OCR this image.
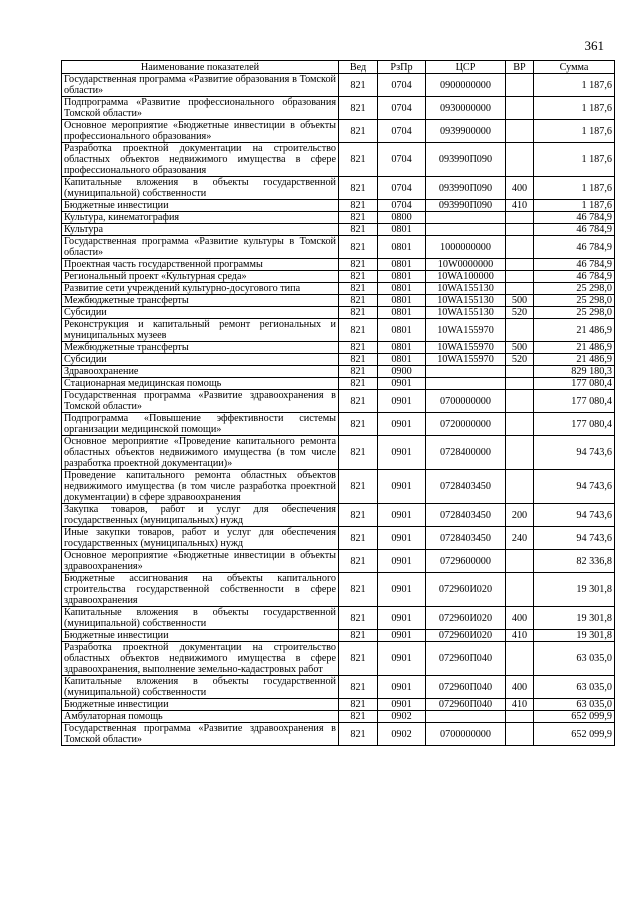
361
Наименование показателей	Вед	РзПр	ЦСР	ВР	Сумма
Государственная программа «Развитие образования в Томской области»	821	0704	0900000000		1 187,6
Подпрограмма «Развитие профессионального образования Томской области»	821	0704	0930000000		1 187,6
Основное мероприятие «Бюджетные инвестиции в объекты профессионального образования»	821	0704	0939900000		1 187,6
Разработка проектной документации на строительство областных объектов недвижимого имущества в сфере профессионального образования	821	0704	093990П090		1 187,6
Капитальные вложения в объекты государственной (муниципальной) собственности	821	0704	093990П090	400	1 187,6
Бюджетные инвестиции	821	0704	093990П090	410	1 187,6
Культура, кинематография	821	0800			46 784,9
Культура	821	0801			46 784,9
Государственная программа «Развитие культуры в Томской области»	821	0801	1000000000		46 784,9
Проектная часть государственной программы	821	0801	10W0000000		46 784,9
Региональный проект «Культурная среда»	821	0801	10WA100000		46 784,9
Развитие сети учреждений культурно-досугового типа	821	0801	10WA155130		25 298,0
Межбюджетные трансферты	821	0801	10WA155130	500	25 298,0
Субсидии	821	0801	10WA155130	520	25 298,0
Реконструкция и капитальный ремонт региональных и муниципальных музеев	821	0801	10WA155970		21 486,9
Межбюджетные трансферты	821	0801	10WA155970	500	21 486,9
Субсидии	821	0801	10WA155970	520	21 486,9
Здравоохранение	821	0900			829 180,3
Стационарная медицинская помощь	821	0901			177 080,4
Государственная программа «Развитие здравоохранения в Томской области»	821	0901	0700000000		177 080,4
Подпрограмма «Повышение эффективности системы организации медицинской помощи»	821	0901	0720000000		177 080,4
Основное мероприятие «Проведение капитального ремонта областных объектов недвижимого имущества (в том числе разработка проектной документации)»	821	0901	0728400000		94 743,6
Проведение капитального ремонта областных объектов недвижимого имущества (в том числе разработка проектной документации) в сфере здравоохранения	821	0901	0728403450		94 743,6
Закупка товаров, работ и услуг для обеспечения государственных (муниципальных) нужд	821	0901	0728403450	200	94 743,6
Иные закупки товаров, работ и услуг для обеспечения государственных (муниципальных) нужд	821	0901	0728403450	240	94 743,6
Основное мероприятие «Бюджетные инвестиции в объекты здравоохранения»	821	0901	0729600000		82 336,8
Бюджетные ассигнования на объекты капитального строительства государственной собственности в сфере здравоохранения	821	0901	072960И020		19 301,8
Капитальные вложения в объекты государственной (муниципальной) собственности	821	0901	072960И020	400	19 301,8
Бюджетные инвестиции	821	0901	072960И020	410	19 301,8
Разработка проектной документации на строительство областных объектов недвижимого имущества в сфере здравоохранения, выполнение земельно-кадастровых работ	821	0901	072960П040		63 035,0
Капитальные вложения в объекты государственной (муниципальной) собственности	821	0901	072960П040	400	63 035,0
Бюджетные инвестиции	821	0901	072960П040	410	63 035,0
Амбулаторная помощь	821	0902			652 099,9
Государственная программа «Развитие здравоохранения в Томской области»	821	0902	0700000000		652 099,9
